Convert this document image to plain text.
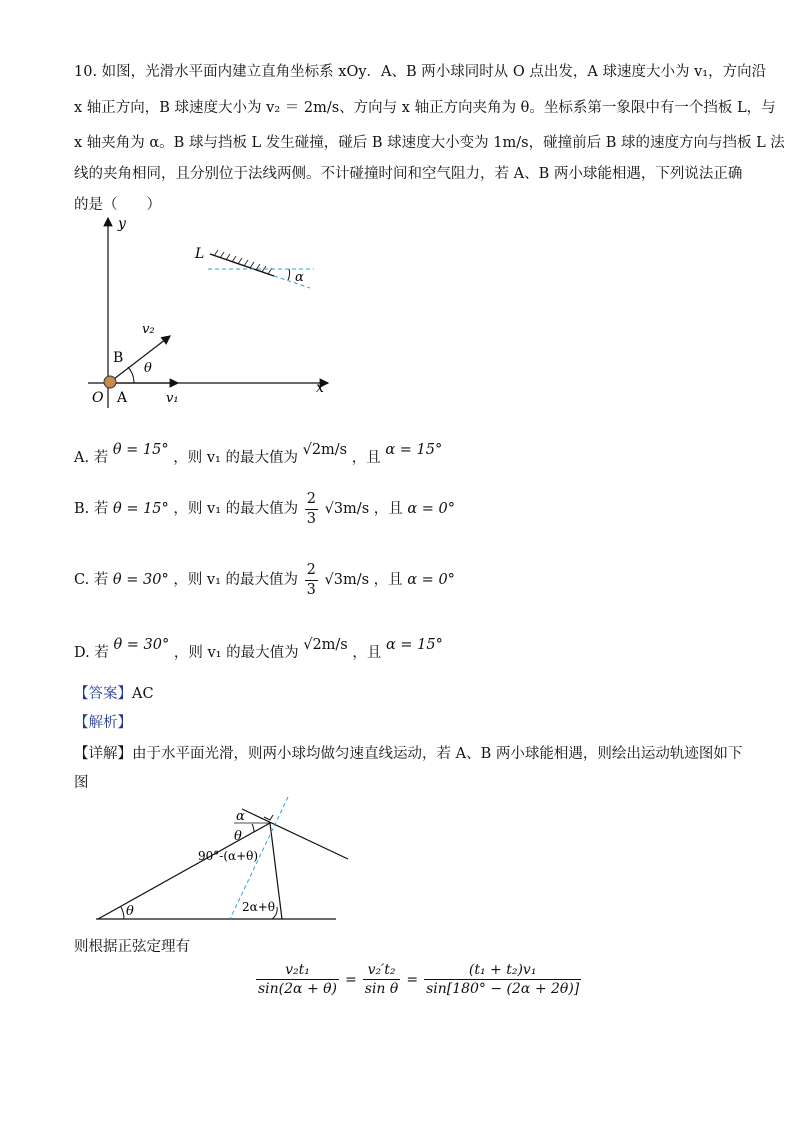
10. 如图，光滑水平面内建立直角坐标系 xOy．A、B 两小球同时从 O 点出发，A 球速度大小为 v₁，方向沿
x 轴正方向，B 球速度大小为 v₂ ＝ 2m/s、方向与 x 轴正方向夹角为 θ。坐标系第一象限中有一个挡板 L，与
x 轴夹角为 α。B 球与挡板 L 发生碰撞，碰后 B 球速度大小变为 1m/s，碰撞前后 B 球的速度方向与挡板 L 法
线的夹角相同，且分别位于法线两侧。不计碰撞时间和空气阻力，若 A、B 两小球能相遇，下列说法正确
的是（　　）
y
x
O A
B
v₁
v₂
θ
L
α
A. 若 θ = 15° ，则 v₁ 的最大值为 √2m/s ，且 α = 15°
B. 若 θ = 15° ，则 v₁ 的最大值为 $\frac{2}{3} √3m/s$ ，且 α = 0°
C. 若 θ = 30° ，则 v₁ 的最大值为 $\frac{2}{3} √3m/s$ ，且 α = 0°
D. 若 θ = 30° ，则 v₁ 的最大值为 √2m/s ，且 α = 15°
【答案】AC
【解析】
【详解】由于水平面光滑，则两小球均做匀速直线运动，若 A、B 两小球能相遇，则绘出运动轨迹图如下
图
α
θ
90°-(α+θ)
θ	2α+θ
则根据正弦定理有
$\frac{\text{v₂t₁}}{\sin(2\alpha + \theta)} = \frac{\text{v₂′t₂}}{\text{sin θ}} = \frac{\text{(t₁ + t₂)v₁}}{\sin[180^\circ - (2\alpha + 2\theta)]}$
